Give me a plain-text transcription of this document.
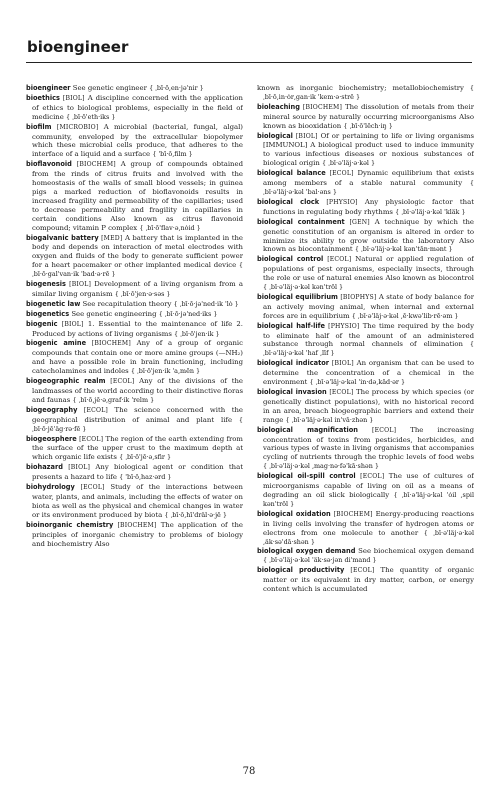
bioengineer
bioengineer See genetic engineer { ˌbī·ō‚en·jə'nir }
bioethics [BIOL] A discipline concerned with the application of ethics to biological problems, especially in the field of medicine { ˌbī·ō'eth·iks }
biofilm [MICROBIO] A microbial (bacterial, fungal, algal) community, enveloped by the extracellular biopolymer which these microbial cells produce, that adheres to the interface of a liquid and a surface { 'bī·ō‚film }
bioflavonoid [BIOCHEM] A group of compounds obtained from the rinds of citrus fruits and involved with the homeostasis of the walls of small blood vessels; in guinea pigs a marked reduction of bioflavonoids results in increased fragility and permeability of the capillaries; used to decrease permeability and fragility in capillaries in certain conditions Also known as citrus flavonoid compound; vitamin P complex { ˌbī·ō'flav·ə‚nȯid }
biogalvanic battery [MED] A battery that is implanted in the body and depends on interaction of metal electrodes with oxygen and fluids of the body to generate sufficient power for a heart pacemaker or other implanted medical device { ˌbī·ō·gal'van·ik 'bad·ə·rē }
biogenesis [BIOL] Development of a living organism from a similar living organism { ˌbī·ō'jen·ə·səs }
biogenetic law See recapitulation theory { ˌbī·ō·jə'ned·ik 'lȯ }
biogenetics See genetic engineering { ˌbī·ō·jə'ned·iks }
biogenic [BIOL] 1. Essential to the maintenance of life 2. Produced by actions of living organisms { ˌbī·ō'jen·ik }
biogenic amine [BIOCHEM] Any of a group of organic compounds that contain one or more amine groups (—NH₂) and have a possible role in brain functioning, including catecholamines and indoles { ˌbī·ō'jen·ik 'a‚mēn }
biogeographic realm [ECOL] Any of the divisions of the landmasses of the world according to their distinctive floras and faunas { ˌbī·ō‚jē·ə‚graf·ik 'relm }
biogeography [ECOL] The science concerned with the geographical distribution of animal and plant life { ˌbī·ō·jē'äg·rə·fē }
biogeosphere [ECOL] The region of the earth extending from the surface of the upper crust to the maximum depth at which organic life exists { ˌbī·ō'jē·ə‚sfir }
biohazard [BIOL] Any biological agent or condition that presents a hazard to life { 'bī·ō‚haz·ərd }
biohydrology [ECOL] Study of the interactions between water, plants, and animals, including the effects of water on biota as well as the physical and chemical changes in water or its environment produced by biota { ˌbī·ō‚hī'dräl·ə·jē }
bioinorganic chemistry [BIOCHEM] The application of the principles of inorganic chemistry to problems of biology and biochemistry Also
known as inorganic biochemistry; metallobiochemistry { ˌbī·ō‚in·ȯr‚gan·ik 'kem·ə·strē }
bioleaching [BIOCHEM] The dissolution of metals from their mineral source by naturally occurring microorganisms Also known as biooxidation { ˌbī·ō'lēch·iŋ }
biological [BIOL] Of or pertaining to life or living organisms [IMMUNOL] A biological product used to induce immunity to various infectious diseases or noxious substances of biological origin { ˌbī·ə'läj·ə·kəl }
biological balance [ECOL] Dynamic equilibrium that exists among members of a stable natural community { ˌbī·ə'läj·ə·kəl 'bal·əns }
biological clock [PHYSIO] Any physiologic factor that functions in regulating body rhythms { ˌbī·ə'läj·ə·kəl 'kläk }
biological containment [GEN] A technique by which the genetic constitution of an organism is altered in order to minimize its ability to grow outside the laboratory Also known as biocontainment { ˌbī·ə'läj·ə·kəl kən'tān·mənt }
biological control [ECOL] Natural or applied regulation of populations of pest organisms, especially insects, through the role or use of natural enemies Also known as biocontrol { ˌbī·ə'läj·ə·kəl kən'trōl }
biological equilibrium [BIOPHYS] A state of body balance for an actively moving animal, when internal and external forces are in equilibrium { ˌbī·ə'läj·ə·kəl ‚ē·kwə'lib·rē·əm }
biological half-life [PHYSIO] The time required by the body to eliminate half of the amount of an administered substance through normal channels of elimination { ˌbī·ə'läj·ə·kəl 'haf ‚līf }
biological indicator [BIOL] An organism that can be used to determine the concentration of a chemical in the environment { ˌbī·ə'läj·ə·kəl 'in·də‚kād·ər }
biological invasion [ECOL] The process by which species (or genetically distinct populations), with no historical record in an area, breach biogeographic barriers and extend their range { ˌbī·ə'läj·ə·kəl in'vā·zhən }
biological magnification [ECOL] The increasing concentration of toxins from pesticides, herbicides, and various types of waste in living organisms that accompanies cycling of nutrients through the trophic levels of food webs { ˌbī·ə'läj·ə·kəl ‚mag·nə·fə'kā·shən }
biological oil-spill control [ECOL] The use of cultures of microorganisms capable of living on oil as a means of degrading an oil slick biologically { ˌbī·ə'läj·ə·kəl 'ȯil ‚spil kən'trōl }
biological oxidation [BIOCHEM] Energy-producing reactions in living cells involving the transfer of hydrogen atoms or electrons from one molecule to another { ˌbī·ə'läj·ə·kəl ‚äk·sə'dā·shən }
biological oxygen demand See biochemical oxygen demand { ˌbī·ə'läj·ə·kəl 'äk·sə·jən di'mand }
biological productivity [ECOL] The quantity of organic matter or its equivalent in dry matter, carbon, or energy content which is accumulated
78
